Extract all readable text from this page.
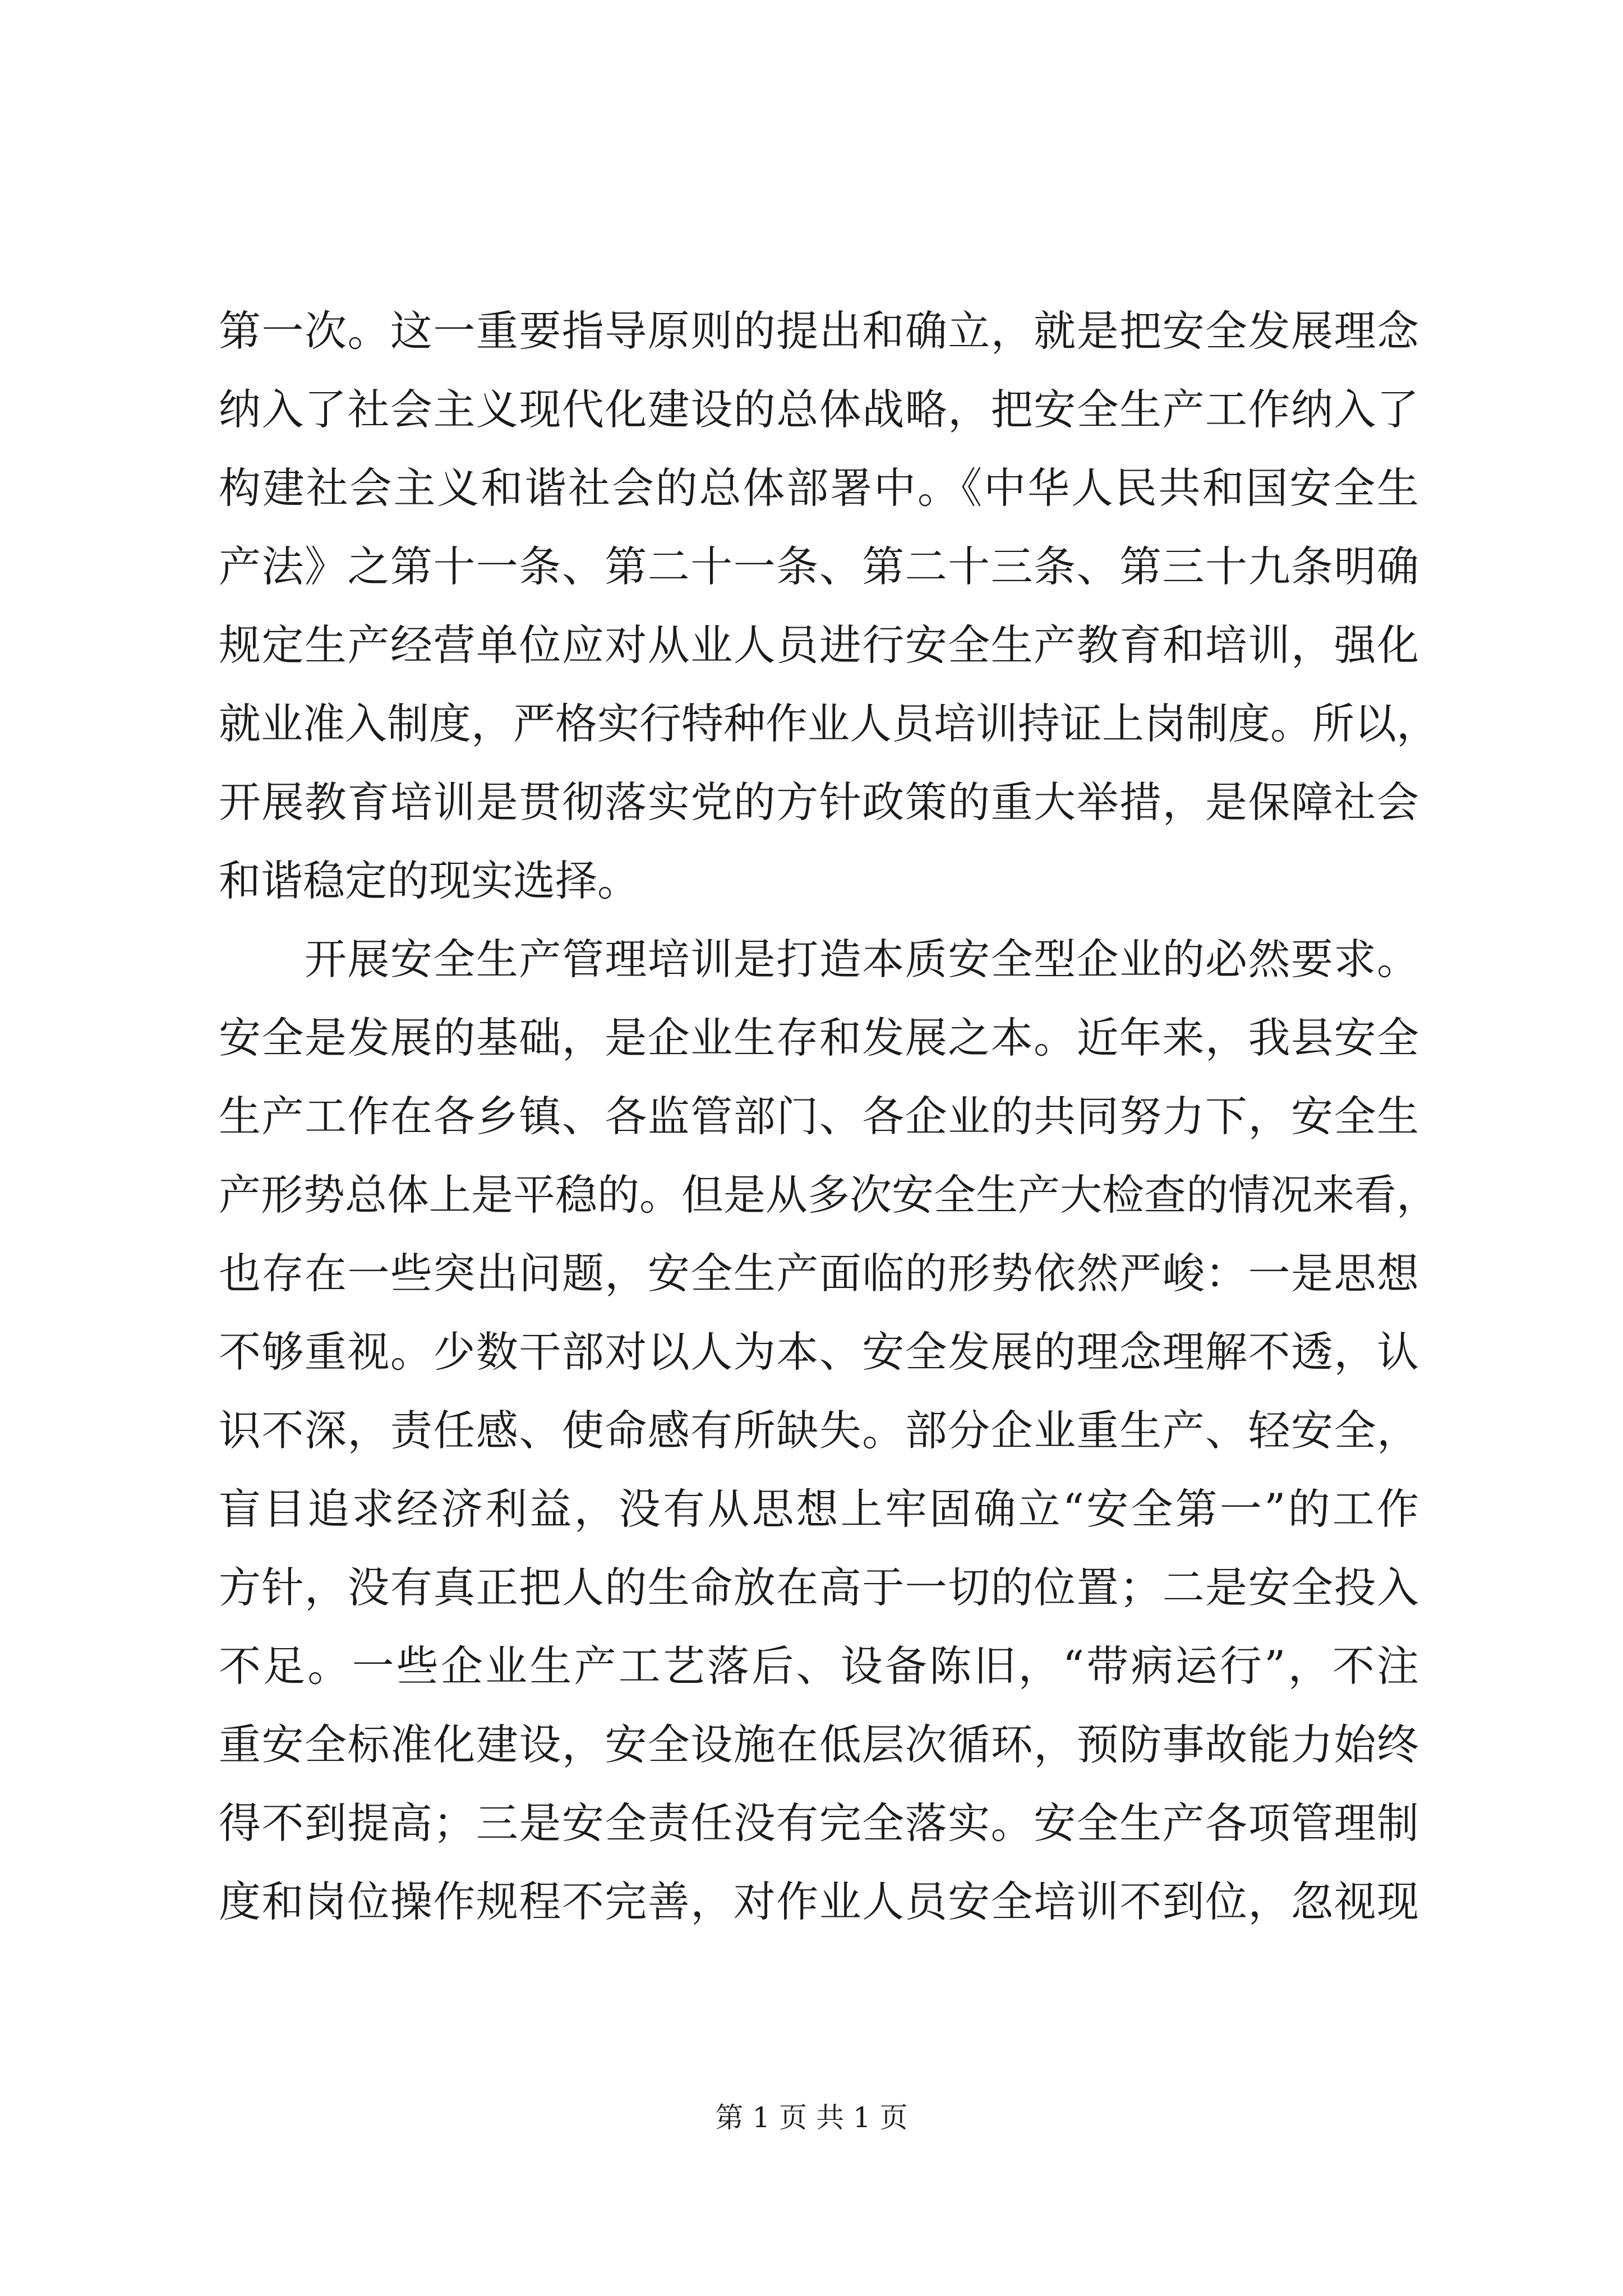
第一次。这一重要指导原则的提出和确立，就是把安全发展理念
纳入了社会主义现代化建设的总体战略，把安全生产工作纳入了
构建社会主义和谐社会的总体部署中。《中华人民共和国安全生
产法》之第十一条、第二十一条、第二十三条、第三十九条明确
规定生产经营单位应对从业人员进行安全生产教育和培训，强化
就业准入制度，严格实行特种作业人员培训持证上岗制度。所以，
开展教育培训是贯彻落实党的方针政策的重大举措，是保障社会
和谐稳定的现实选择。
　　开展安全生产管理培训是打造本质安全型企业的必然要求。
安全是发展的基础，是企业生存和发展之本。近年来，我县安全
生产工作在各乡镇、各监管部门、各企业的共同努力下，安全生
产形势总体上是平稳的。但是从多次安全生产大检查的情况来看，
也存在一些突出问题，安全生产面临的形势依然严峻：一是思想
不够重视。少数干部对以人为本、安全发展的理念理解不透，认
识不深，责任感、使命感有所缺失。部分企业重生产、轻安全，
盲目追求经济利益，没有从思想上牢固确立“安全第一”的工作
方针，没有真正把人的生命放在高于一切的位置；二是安全投入
不足。一些企业生产工艺落后、设备陈旧，“带病运行”，不注
重安全标准化建设，安全设施在低层次循环，预防事故能力始终
得不到提高；三是安全责任没有完全落实。安全生产各项管理制
度和岗位操作规程不完善，对作业人员安全培训不到位，忽视现
第 1 页 共 1 页
